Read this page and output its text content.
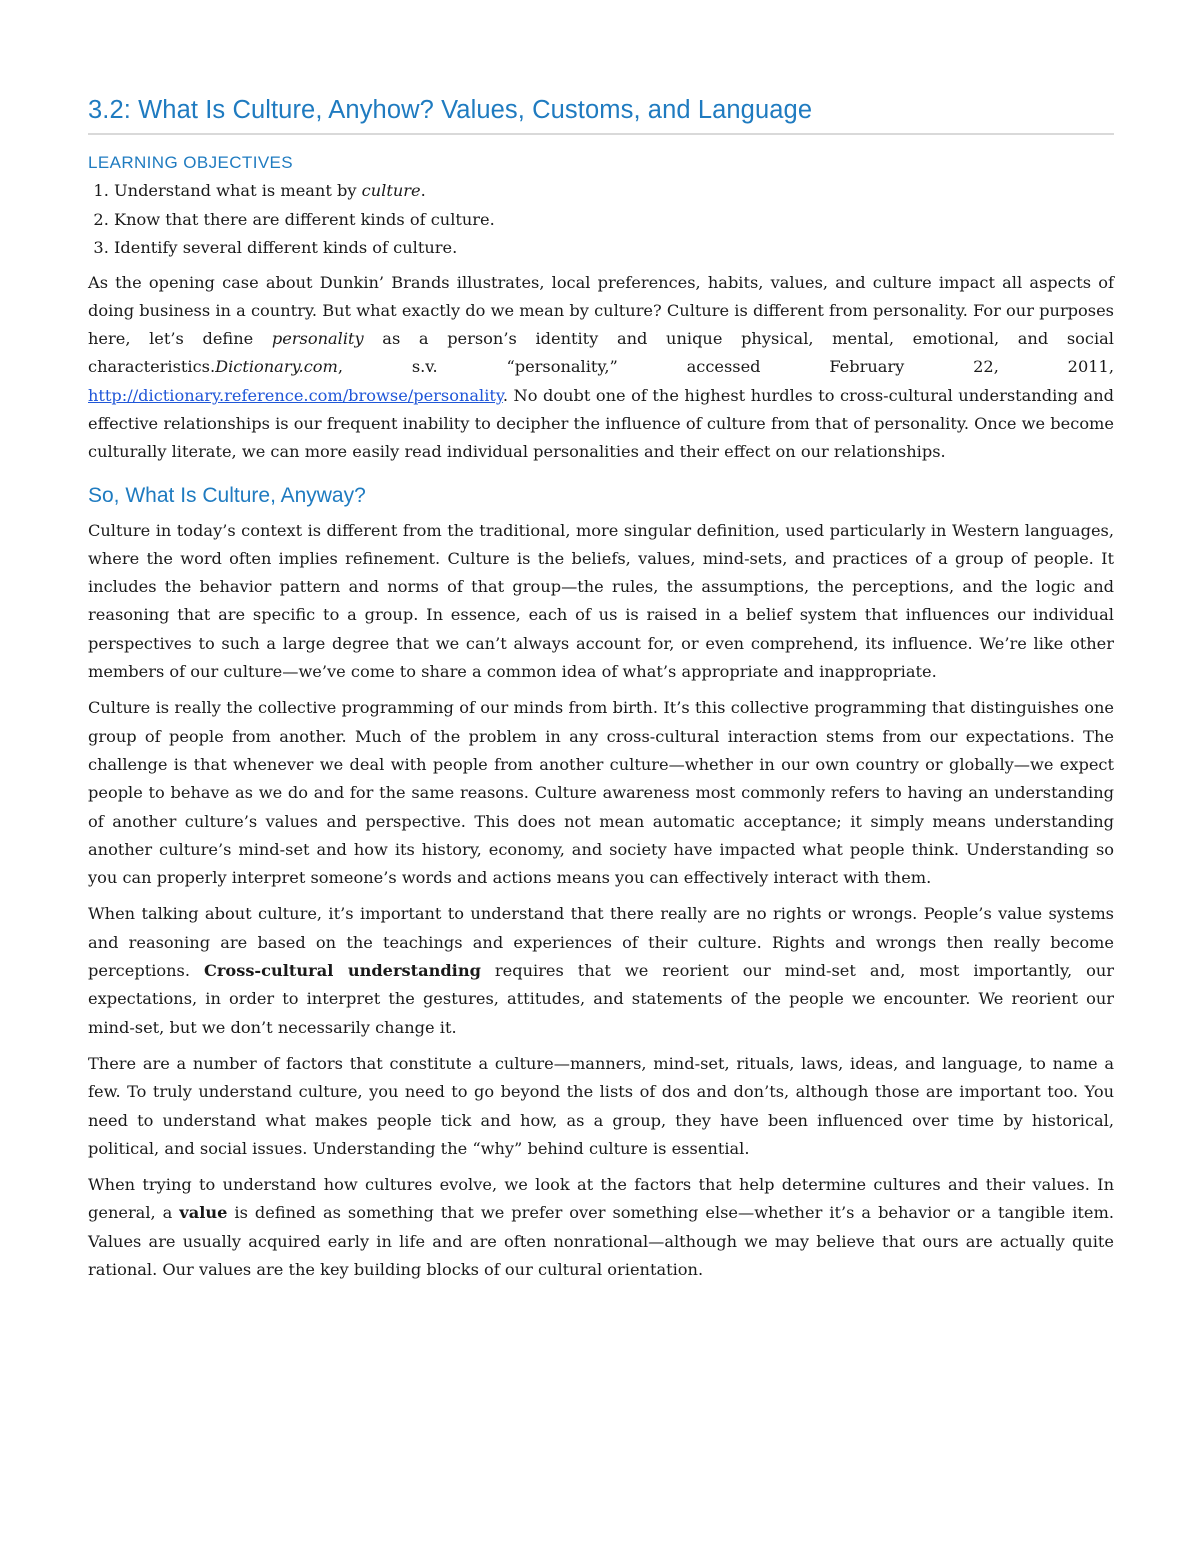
3.2: What Is Culture, Anyhow? Values, Customs, and Language
LEARNING OBJECTIVES
1. Understand what is meant by culture.
2. Know that there are different kinds of culture.
3. Identify several different kinds of culture.

As the opening case about Dunkin’ Brands illustrates, local preferences, habits, values, and culture impact all aspects of doing business in a country. But what exactly do we mean by culture? Culture is different from personality. For our purposes here, let’s define personality as a person’s identity and unique physical, mental, emotional, and social characteristics.Dictionary.com, s.v. “personality,” accessed February 22, 2011, http://dictionary.reference.com/browse/personality. No doubt one of the highest hurdles to cross-cultural understanding and effective relationships is our frequent inability to decipher the influence of culture from that of personality. Once we become culturally literate, we can more easily read individual personalities and their effect on our relationships.

So, What Is Culture, Anyway?

Culture in today’s context is different from the traditional, more singular definition, used particularly in Western languages, where the word often implies refinement. Culture is the beliefs, values, mind-sets, and practices of a group of people. It includes the behavior pattern and norms of that group—the rules, the assumptions, the perceptions, and the logic and reasoning that are specific to a group. In essence, each of us is raised in a belief system that influences our individual perspectives to such a large degree that we can’t always account for, or even comprehend, its influence. We’re like other members of our culture—we’ve come to share a common idea of what’s appropriate and inappropriate.

Culture is really the collective programming of our minds from birth. It’s this collective programming that distinguishes one group of people from another. Much of the problem in any cross-cultural interaction stems from our expectations. The challenge is that whenever we deal with people from another culture—whether in our own country or globally—we expect people to behave as we do and for the same reasons. Culture awareness most commonly refers to having an understanding of another culture’s values and perspective. This does not mean automatic acceptance; it simply means understanding another culture’s mind-set and how its history, economy, and society have impacted what people think. Understanding so you can properly interpret someone’s words and actions means you can effectively interact with them.

When talking about culture, it’s important to understand that there really are no rights or wrongs. People’s value systems and reasoning are based on the teachings and experiences of their culture. Rights and wrongs then really become perceptions. Cross-cultural understanding requires that we reorient our mind-set and, most importantly, our expectations, in order to interpret the gestures, attitudes, and statements of the people we encounter. We reorient our mind-set, but we don’t necessarily change it.

There are a number of factors that constitute a culture—manners, mind-set, rituals, laws, ideas, and language, to name a few. To truly understand culture, you need to go beyond the lists of dos and don’ts, although those are important too. You need to understand what makes people tick and how, as a group, they have been influenced over time by historical, political, and social issues. Understanding the “why” behind culture is essential.

When trying to understand how cultures evolve, we look at the factors that help determine cultures and their values. In general, a value is defined as something that we prefer over something else—whether it’s a behavior or a tangible item. Values are usually acquired early in life and are often nonrational—although we may believe that ours are actually quite rational. Our values are the key building blocks of our cultural orientation.
